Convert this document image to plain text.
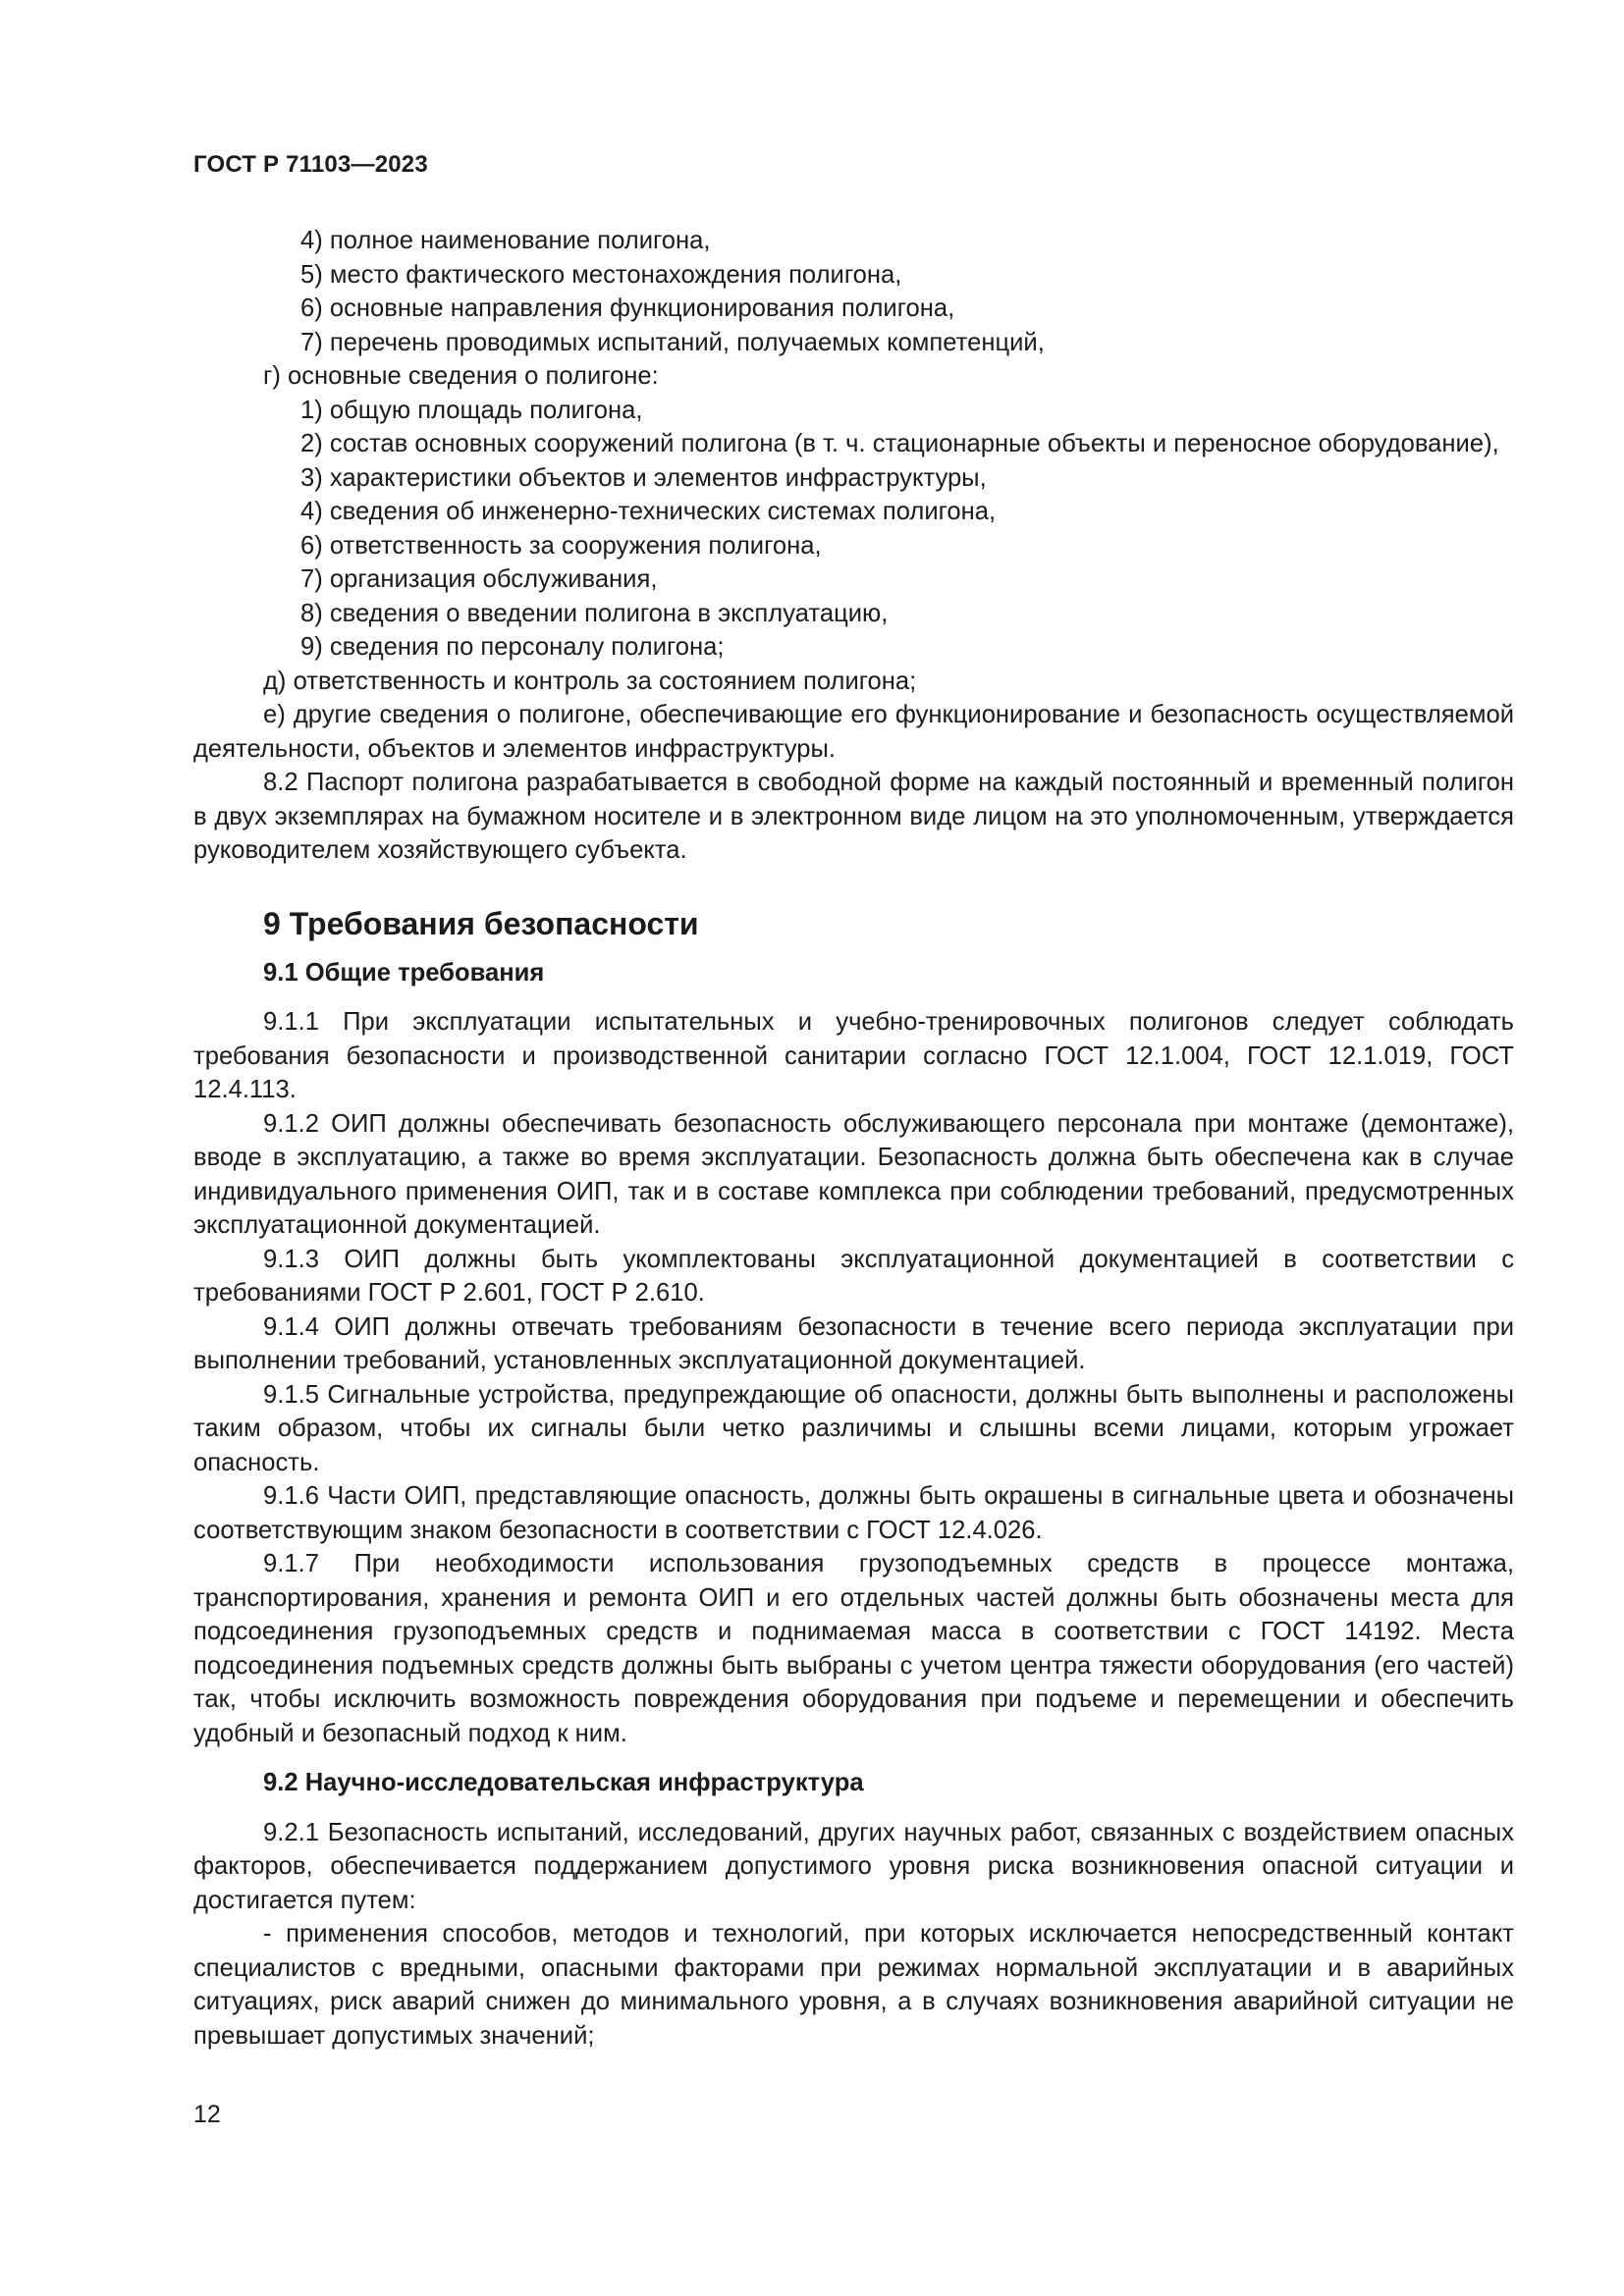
ГОСТ Р 71103—2023

4) полное наименование полигона,

5) место фактического местонахождения полигона,

6) основные направления функционирования полигона,

7) перечень проводимых испытаний, получаемых компетенций,

г) основные сведения о полигоне:

1) общую площадь полигона,

2) состав основных сооружений полигона (в т. ч. стационарные объекты и переносное оборудование),

3) характеристики объектов и элементов инфраструктуры,

4) сведения об инженерно-технических системах полигона,

6) ответственность за сооружения полигона,

7) организация обслуживания,

8) сведения о введении полигона в эксплуатацию,

9) сведения по персоналу полигона;

д) ответственность и контроль за состоянием полигона;

е) другие сведения о полигоне, обеспечивающие его функционирование и безопасность осуществляемой деятельности, объектов и элементов инфраструктуры.

8.2 Паспорт полигона разрабатывается в свободной форме на каждый постоянный и временный полигон в двух экземплярах на бумажном носителе и в электронном виде лицом на это уполномоченным, утверждается руководителем хозяйствующего субъекта.

9 Требования безопасности

9.1 Общие требования

9.1.1 При эксплуатации испытательных и учебно-тренировочных полигонов следует соблюдать требования безопасности и производственной санитарии согласно ГОСТ 12.1.004, ГОСТ 12.1.019, ГОСТ 12.4.113.

9.1.2 ОИП должны обеспечивать безопасность обслуживающего персонала при монтаже (демонтаже), вводе в эксплуатацию, а также во время эксплуатации. Безопасность должна быть обеспечена как в случае индивидуального применения ОИП, так и в составе комплекса при соблюдении требований, предусмотренных эксплуатационной документацией.

9.1.3 ОИП должны быть укомплектованы эксплуатационной документацией в соответствии с требованиями ГОСТ Р 2.601, ГОСТ Р 2.610.

9.1.4 ОИП должны отвечать требованиям безопасности в течение всего периода эксплуатации при выполнении требований, установленных эксплуатационной документацией.

9.1.5 Сигнальные устройства, предупреждающие об опасности, должны быть выполнены и расположены таким образом, чтобы их сигналы были четко различимы и слышны всеми лицами, которым угрожает опасность.

9.1.6 Части ОИП, представляющие опасность, должны быть окрашены в сигнальные цвета и обозначены соответствующим знаком безопасности в соответствии с ГОСТ 12.4.026.

9.1.7 При необходимости использования грузоподъемных средств в процессе монтажа, транспортирования, хранения и ремонта ОИП и его отдельных частей должны быть обозначены места для подсоединения грузоподъемных средств и поднимаемая масса в соответствии с ГОСТ 14192. Места подсоединения подъемных средств должны быть выбраны с учетом центра тяжести оборудования (его частей) так, чтобы исключить возможность повреждения оборудования при подъеме и перемещении и обеспечить удобный и безопасный подход к ним.

9.2 Научно-исследовательская инфраструктура

9.2.1 Безопасность испытаний, исследований, других научных работ, связанных с воздействием опасных факторов, обеспечивается поддержанием допустимого уровня риска возникновения опасной ситуации и достигается путем:

- применения способов, методов и технологий, при которых исключается непосредственный контакт специалистов с вредными, опасными факторами при режимах нормальной эксплуатации и в аварийных ситуациях, риск аварий снижен до минимального уровня, а в случаях возникновения аварийной ситуации не превышает допустимых значений;

12
